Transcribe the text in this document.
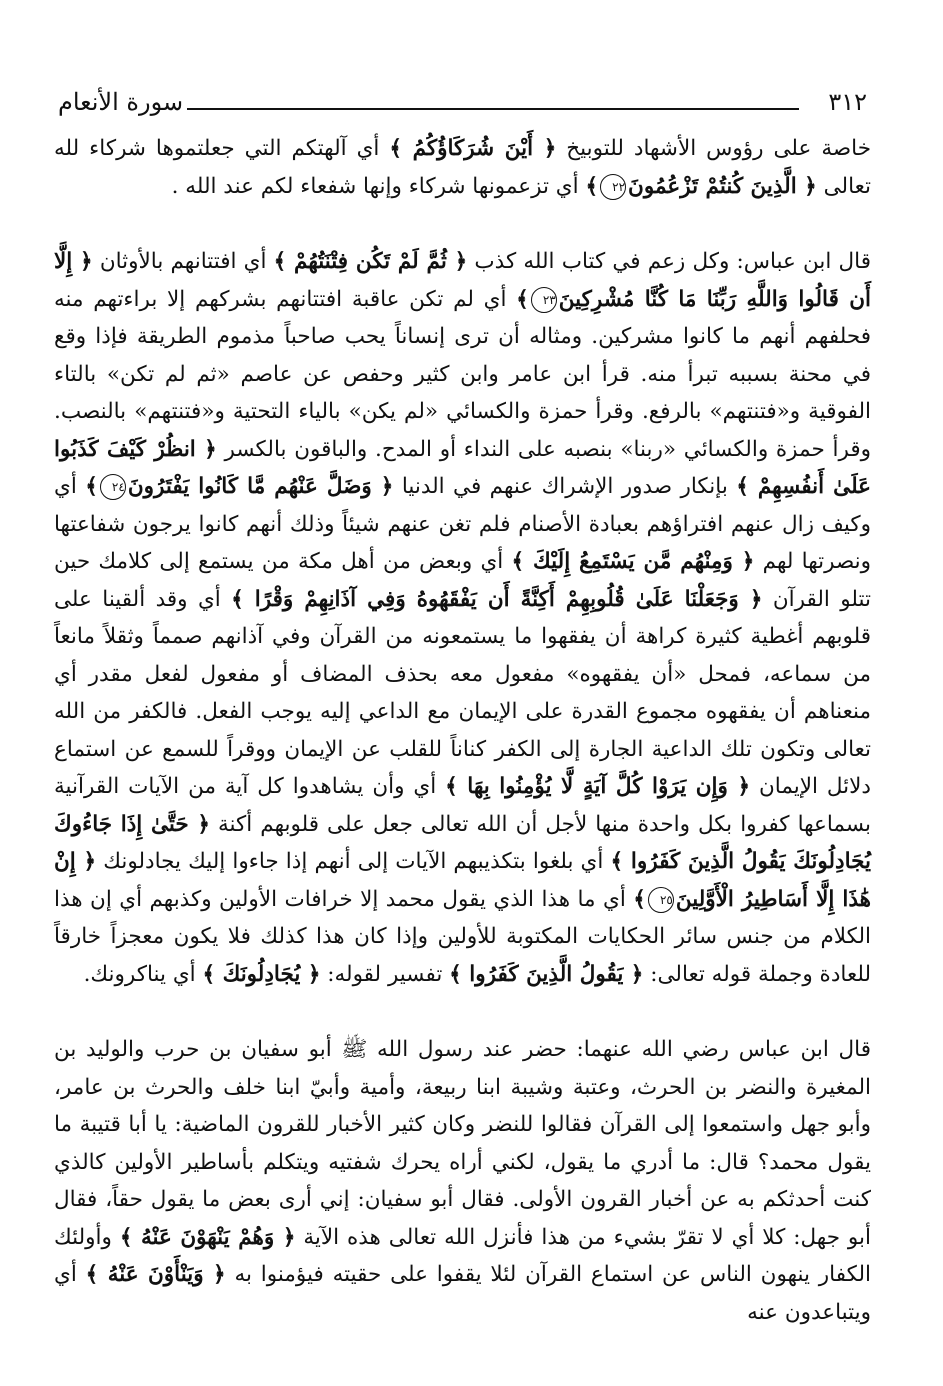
٣١٢
سورة الأنعام

خاصة على رؤوس الأشهاد للتوبيخ ﴿ أَيْنَ شُرَكَاؤُكُمُ ﴾ أي آلهتكم التي جعلتموها شركاء لله تعالى ﴿ الَّذِينَ كُنتُمْ تَزْعُمُونَ٢٢﴾ أي تزعمونها شركاء وإنها شفعاء لكم عند الله .

قال ابن عباس: وكل زعم في كتاب الله كذب ﴿ ثُمَّ لَمْ تَكُن فِتْنَتُهُمْ ﴾ أي افتتانهم بالأوثان ﴿ إِلَّا أَن قَالُوا وَاللَّهِ رَبِّنَا مَا كُنَّا مُشْرِكِينَ٢٣﴾ أي لم تكن عاقبة افتتانهم بشركهم إلا براءتهم منه فحلفهم أنهم ما كانوا مشركين. ومثاله أن ترى إنساناً يحب صاحباً مذموم الطريقة فإذا وقع في محنة بسببه تبرأ منه. قرأ ابن عامر وابن كثير وحفص عن عاصم «ثم لم تكن» بالتاء الفوقية و«فتنتهم» بالرفع. وقرأ حمزة والكسائي «لم يكن» بالياء التحتية و«فتنتهم» بالنصب. وقرأ حمزة والكسائي «ربنا» بنصبه على النداء أو المدح. والباقون بالكسر ﴿ انظُرْ كَيْفَ كَذَبُوا عَلَىٰ أَنفُسِهِمْ ﴾ بإنكار صدور الإشراك عنهم في الدنيا ﴿ وَضَلَّ عَنْهُم مَّا كَانُوا يَفْتَرُونَ٢٤﴾ أي وكيف زال عنهم افتراؤهم بعبادة الأصنام فلم تغن عنهم شيئاً وذلك أنهم كانوا يرجون شفاعتها ونصرتها لهم ﴿ وَمِنْهُم مَّن يَسْتَمِعُ إِلَيْكَ ﴾ أي وبعض من أهل مكة من يستمع إلى كلامك حين تتلو القرآن ﴿ وَجَعَلْنَا عَلَىٰ قُلُوبِهِمْ أَكِنَّةً أَن يَفْقَهُوهُ وَفِي آذَانِهِمْ وَقْرًا ﴾ أي وقد ألقينا على قلوبهم أغطية كثيرة كراهة أن يفقهوا ما يستمعونه من القرآن وفي آذانهم صمماً وثقلاً مانعاً من سماعه، فمحل «أن يفقهوه» مفعول معه بحذف المضاف أو مفعول لفعل مقدر أي منعناهم أن يفقهوه مجموع القدرة على الإيمان مع الداعي إليه يوجب الفعل. فالكفر من الله تعالى وتكون تلك الداعية الجارة إلى الكفر كناناً للقلب عن الإيمان ووقراً للسمع عن استماع دلائل الإيمان ﴿ وَإِن يَرَوْا كُلَّ آيَةٍ لَّا يُؤْمِنُوا بِهَا ﴾ أي وأن يشاهدوا كل آية من الآيات القرآنية بسماعها كفروا بكل واحدة منها لأجل أن الله تعالى جعل على قلوبهم أكنة ﴿ حَتَّىٰ إِذَا جَاءُوكَ يُجَادِلُونَكَ يَقُولُ الَّذِينَ كَفَرُوا ﴾ أي بلغوا بتكذيبهم الآيات إلى أنهم إذا جاءوا إليك يجادلونك ﴿ إِنْ هَٰذَا إِلَّا أَسَاطِيرُ الْأَوَّلِينَ٢٥﴾ أي ما هذا الذي يقول محمد إلا خرافات الأولين وكذبهم أي إن هذا الكلام من جنس سائر الحكايات المكتوبة للأولين وإذا كان هذا كذلك فلا يكون معجزاً خارقاً للعادة وجملة قوله تعالى: ﴿ يَقُولُ الَّذِينَ كَفَرُوا ﴾ تفسير لقوله: ﴿ يُجَادِلُونَكَ ﴾ أي يناكرونك.

قال ابن عباس رضي الله عنهما: حضر عند رسول الله ﷺ أبو سفيان بن حرب والوليد بن المغيرة والنضر بن الحرث، وعتبة وشيبة ابنا ربيعة، وأمية وأبيّ ابنا خلف والحرث بن عامر، وأبو جهل واستمعوا إلى القرآن فقالوا للنضر وكان كثير الأخبار للقرون الماضية: يا أبا قتيبة ما يقول محمد؟ قال: ما أدري ما يقول، لكني أراه يحرك شفتيه ويتكلم بأساطير الأولين كالذي كنت أحدثكم به عن أخبار القرون الأولى. فقال أبو سفيان: إني أرى بعض ما يقول حقاً، فقال أبو جهل: كلا أي لا تقرّ بشيء من هذا فأنزل الله تعالى هذه الآية ﴿ وَهُمْ يَنْهَوْنَ عَنْهُ ﴾ وأولئك الكفار ينهون الناس عن استماع القرآن لئلا يقفوا على حقيته فيؤمنوا به ﴿ وَيَنْأَوْنَ عَنْهُ ﴾ أي ويتباعدون عنه
